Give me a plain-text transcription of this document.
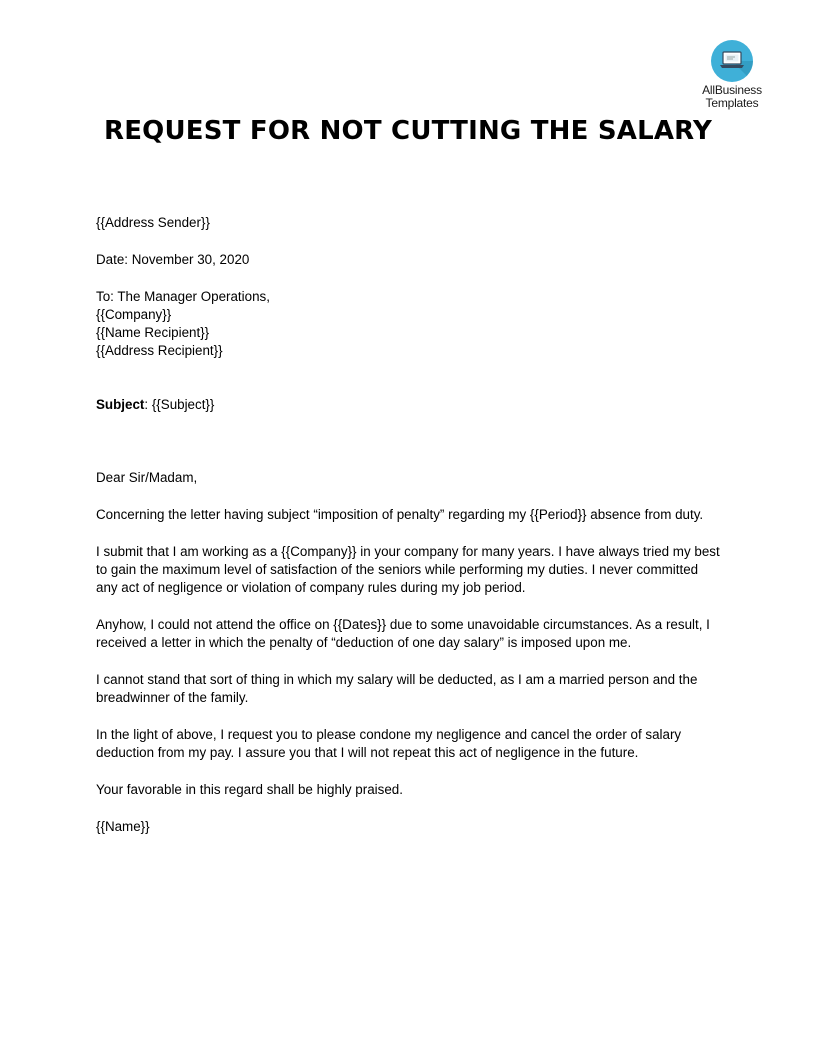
AllBusiness
Templates
REQUEST FOR NOT CUTTING THE SALARY
{{Address Sender}}
Date: November 30, 2020
To: The Manager Operations,
{{Company}}
{{Name Recipient}}
{{Address Recipient}}
Subject: {{Subject}}
Dear Sir/Madam,
Concerning the letter having subject “imposition of penalty” regarding my {{Period}} absence from duty.
I submit that I am working as a {{Company}} in your company for many years. I have always tried my best
to gain the maximum level of satisfaction of the seniors while performing my duties. I never committed
any act of negligence or violation of company rules during my job period.
Anyhow, I could not attend the office on {{Dates}} due to some unavoidable circumstances. As a result, I
received a letter in which the penalty of “deduction of one day salary” is imposed upon me.
I cannot stand that sort of thing in which my salary will be deducted, as I am a married person and the
breadwinner of the family.
In the light of above, I request you to please condone my negligence and cancel the order of salary
deduction from my pay. I assure you that I will not repeat this act of negligence in the future.
Your favorable in this regard shall be highly praised.
{{Name}}
